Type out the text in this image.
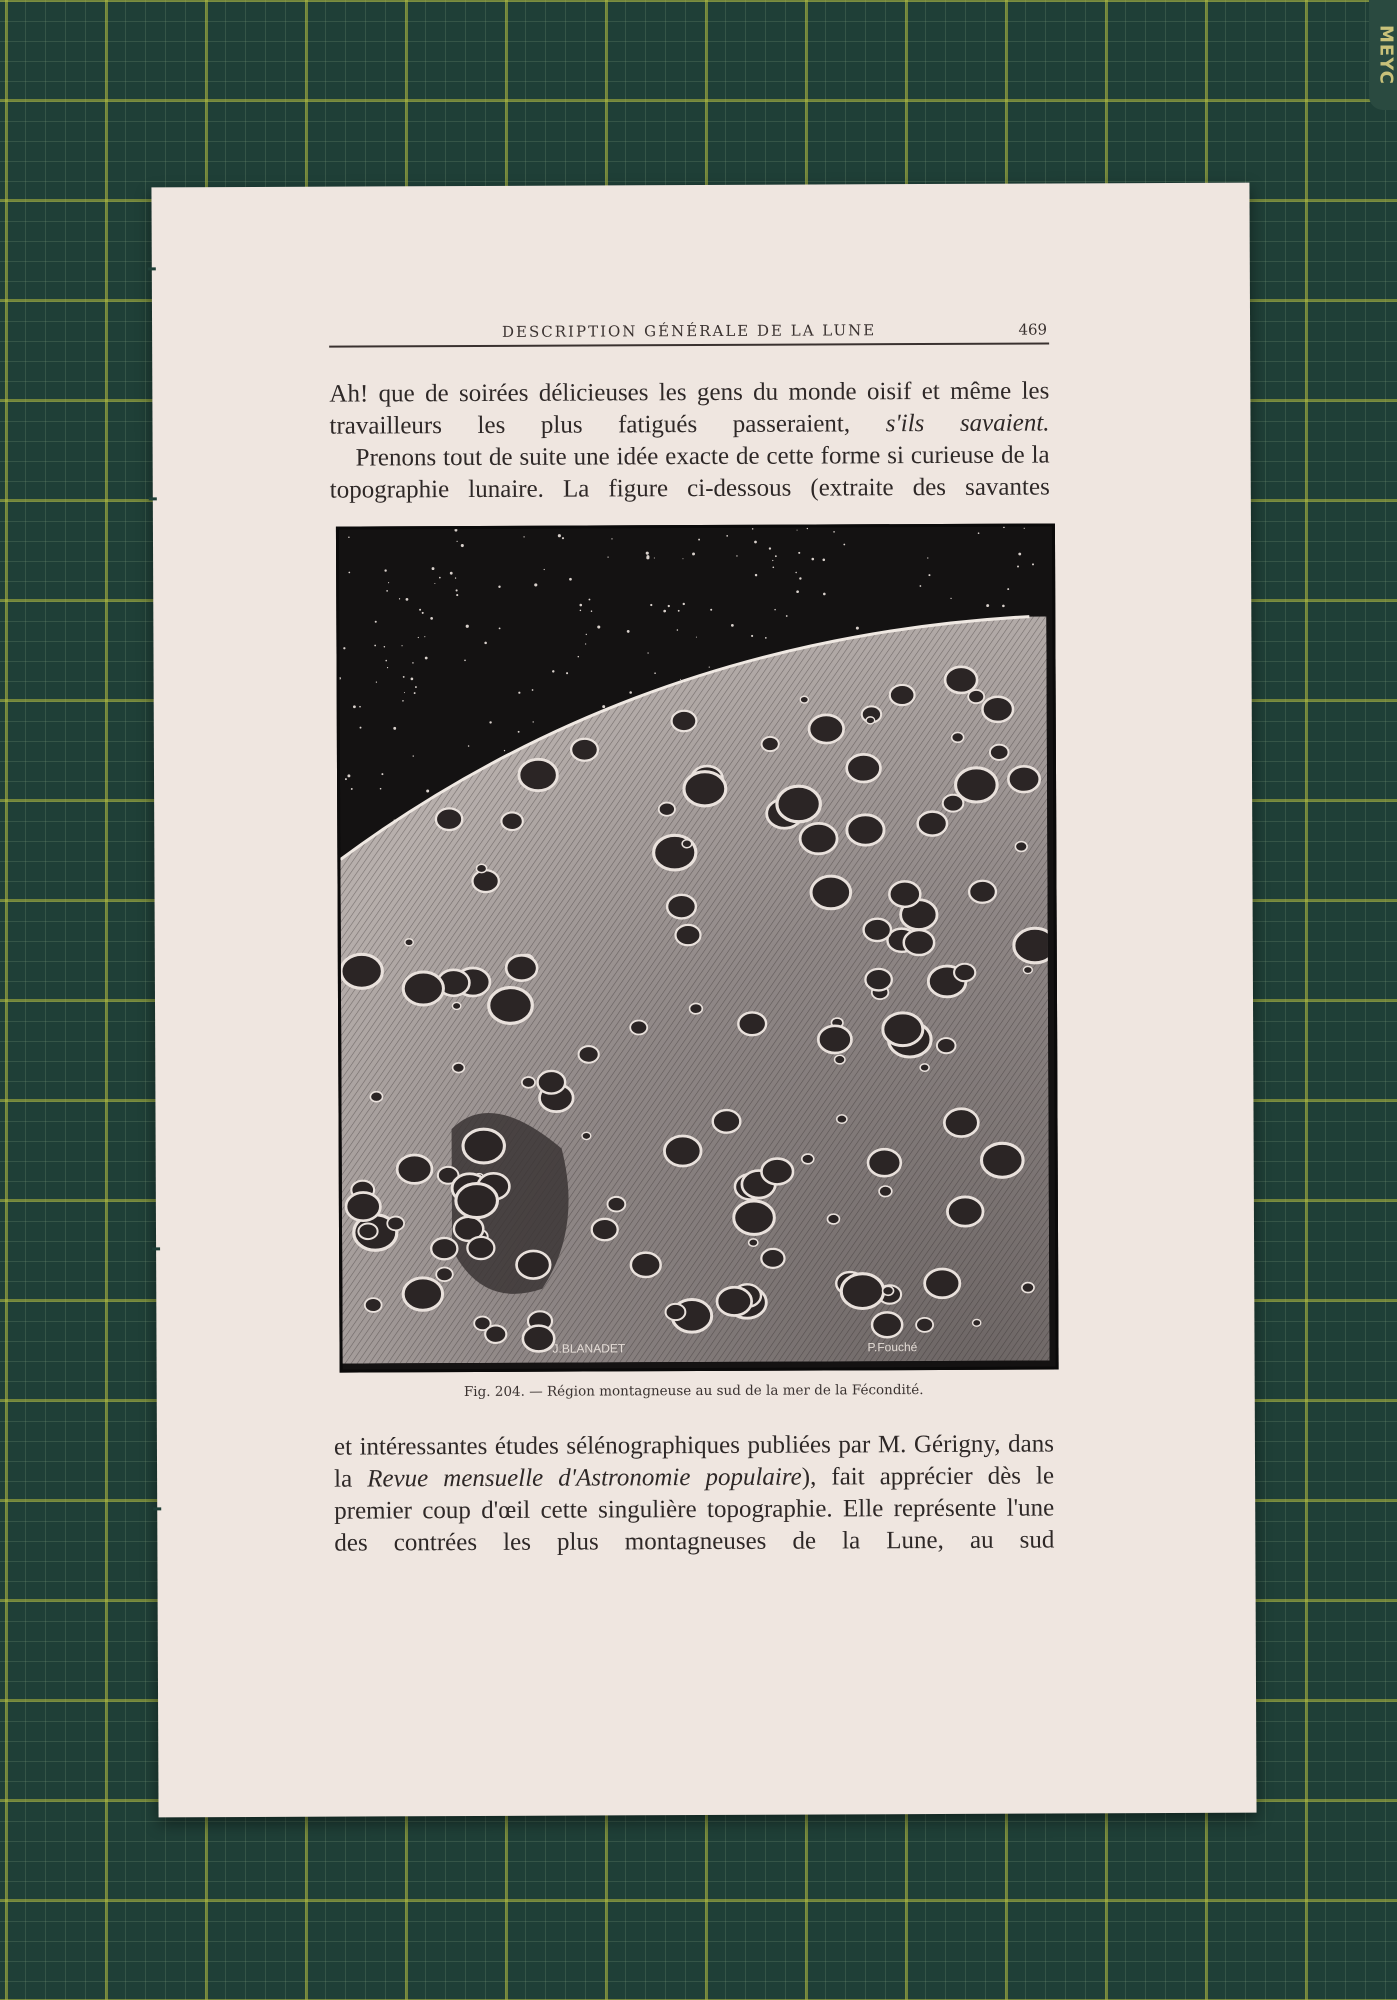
MEYC
DESCRIPTION GÉNÉRALE DE LA LUNE	469

Ah! que de soirées délicieuses les gens du monde oisif et même les travailleurs les plus fatigués passeraient, s'ils savaient.

Prenons tout de suite une idée exacte de cette forme si curieuse de la topographie lunaire. La figure ci-dessous (extraite des savantes

J.BLANADET	P.Fouché
Fig. 204. — Région montagneuse au sud de la mer de la Fécondité.

et intéressantes études sélénographiques publiées par M. Gérigny, dans la Revue mensuelle d'Astronomie populaire), fait apprécier dès le premier coup d'œil cette singulière topographie. Elle représente l'une des contrées les plus montagneuses de la Lune, au sud
